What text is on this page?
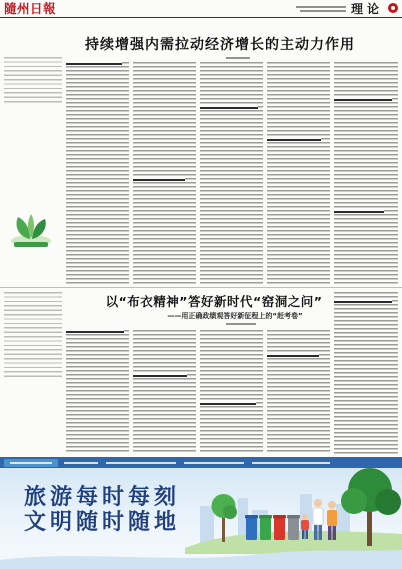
隨州日報	理论
持续增强内需拉动经济增长的主动力作用
以“布衣精神”答好新时代“窑洞之问”
——用正确政绩观答好新征程上的“赶考卷”
旅游每时每刻
文明随时随地
